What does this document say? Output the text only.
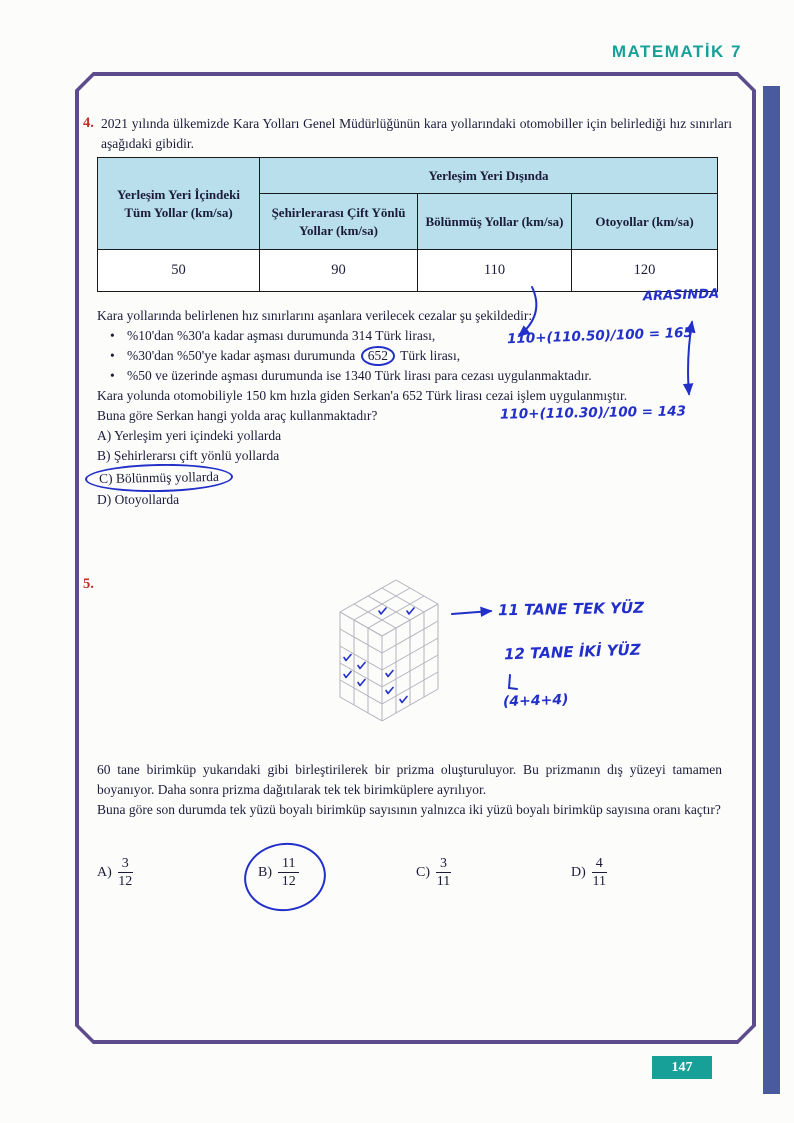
MATEMATİK 7
147
4. 2021 yılında ülkemizde Kara Yolları Genel Müdürlüğünün kara yollarındaki otomobiller için belirlediği hız sınırları aşağıdaki gibidir.
Yerleşim Yeri İçindeki Tüm Yollar (km/sa)	Yerleşim Yeri Dışında		
	Şehirlerarası Çift Yönlü Yollar (km/sa)	Bölünmüş Yollar (km/sa)	Otoyollar (km/sa)
50	90	110	120
Kara yollarında belirlenen hız sınırlarını aşanlara verilecek cezalar şu şekildedir:
• %10'dan %30'a kadar aşması durumunda 314 Türk lirası,
• %30'dan %50'ye kadar aşması durumunda 652 Türk lirası,
• %50 ve üzerinde aşması durumunda ise 1340 Türk lirası para cezası uygulanmaktadır.
Kara yolunda otomobiliyle 150 km hızla giden Serkan'a 652 Türk lirası cezai işlem uygulanmıştır.
Buna göre Serkan hangi yolda araç kullanmaktadır?
A) Yerleşim yeri içindeki yollarda
B) Şehirlerarsı çift yönlü yollarda
C) Bölünmüş yollarda
D) Otoyollarda
ARASINDA
110+(110.50)/100 = 165
110+(110.30)/100 = 143
5.
11 TANE TEK YÜZ
12 TANE İKİ YÜZ
(4+4+4)
60 tane birimküp yukarıdaki gibi birleştirilerek bir prizma oluşturuluyor. Bu prizmanın dış yüzeyi tamamen boyanıyor. Daha sonra prizma dağıtılarak tek tek birimküplere ayrılıyor.
Buna göre son durumda tek yüzü boyalı birimküp sayısının yalnızca iki yüzü boyalı birimküp sayısına oranı kaçtır?
$A) \frac{3}{12}$	$B) \frac{11}{12}$	$C) \frac{3}{11}$	$D) \frac{4}{11}$
